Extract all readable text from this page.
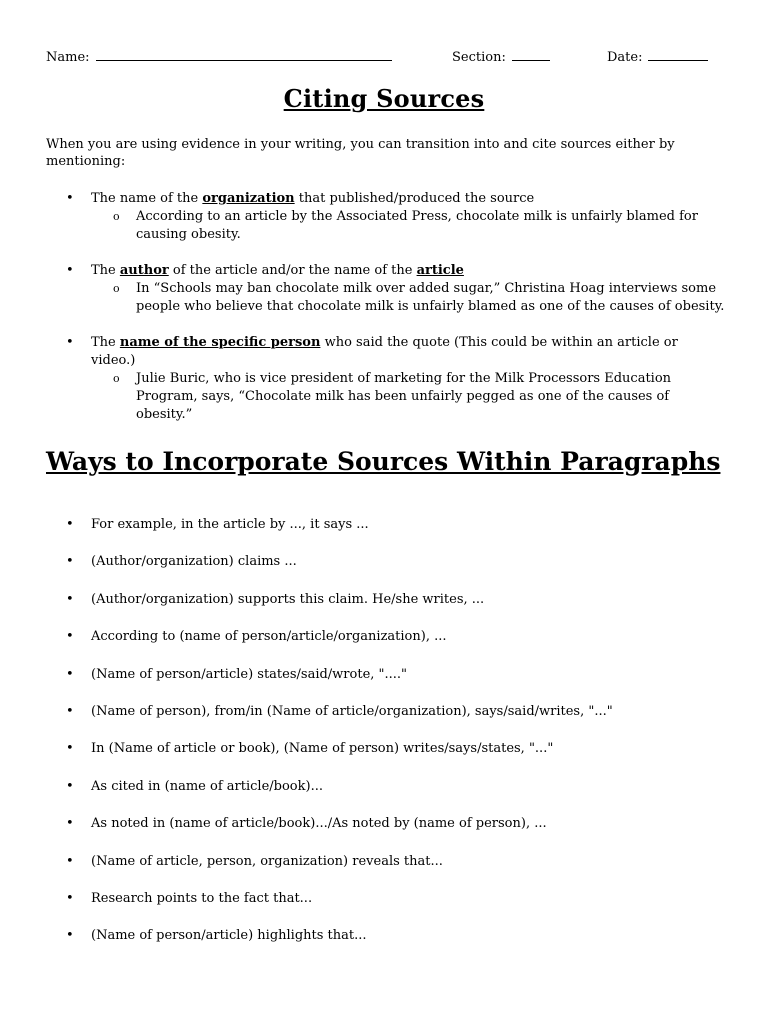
Name:	Section:	Date:
Citing Sources
When you are using evidence in your writing, you can transition into and cite sources either by mentioning:
• The name of the organization that published/produced the source
o According to an article by the Associated Press, chocolate milk is unfairly blamed for causing obesity.
• The author of the article and/or the name of the article
o In “Schools may ban chocolate milk over added sugar,” Christina Hoag interviews some people who believe that chocolate milk is unfairly blamed as one of the causes of obesity.
• The name of the specific person who said the quote (This could be within an article or video.)
o Julie Buric, who is vice president of marketing for the Milk Processors Education Program, says, “Chocolate milk has been unfairly pegged as one of the causes of obesity.”
Ways to Incorporate Sources Within Paragraphs
• For example, in the article by ..., it says ...
• (Author/organization) claims ...
• (Author/organization) supports this claim. He/she writes, ...
• According to (name of person/article/organization), ...
• (Name of person/article) states/said/wrote, "...."
• (Name of person), from/in (Name of article/organization), says/said/writes, "..."
• In (Name of article or book), (Name of person) writes/says/states, "..."
• As cited in (name of article/book)...
• As noted in (name of article/book).../As noted by (name of person), ...
• (Name of article, person, organization) reveals that...
• Research points to the fact that...
• (Name of person/article) highlights that...
